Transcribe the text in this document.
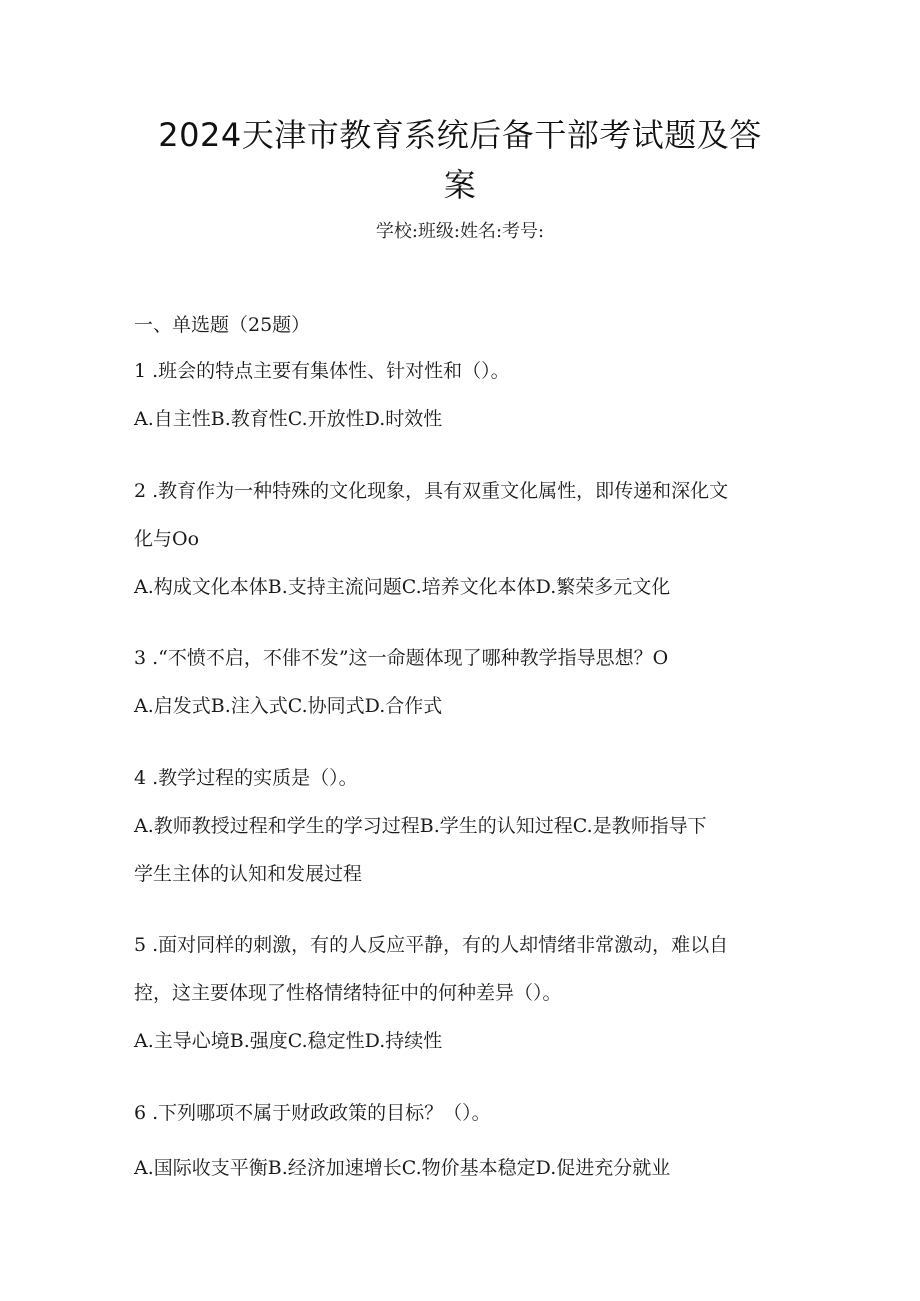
2024天津市教育系统后备干部考试题及答
案
学校:班级:姓名:考号:
一、单选题（25题）
1 .班会的特点主要有集体性、针对性和（）。
A.自主性B.教育性C.开放性D.时效性
2 .教育作为一种特殊的文化现象，具有双重文化属性，即传递和深化文
化与Oo
A.构成文化本体B.支持主流问题C.培养文化本体D.繁荣多元文化
3 .“不愤不启，不俳不发”这一命题体现了哪种教学指导思想？O
A.启发式B.注入式C.协同式D.合作式
4 .教学过程的实质是（）。
A.教师教授过程和学生的学习过程B.学生的认知过程C.是教师指导下
学生主体的认知和发展过程
5 .面对同样的刺激，有的人反应平静，有的人却情绪非常激动，难以自
控，这主要体现了性格情绪特征中的何种差异（）。
A.主导心境B.强度C.稳定性D.持续性
6 .下列哪项不属于财政政策的目标？（）。
A.国际收支平衡B.经济加速增长C.物价基本稳定D.促进充分就业
